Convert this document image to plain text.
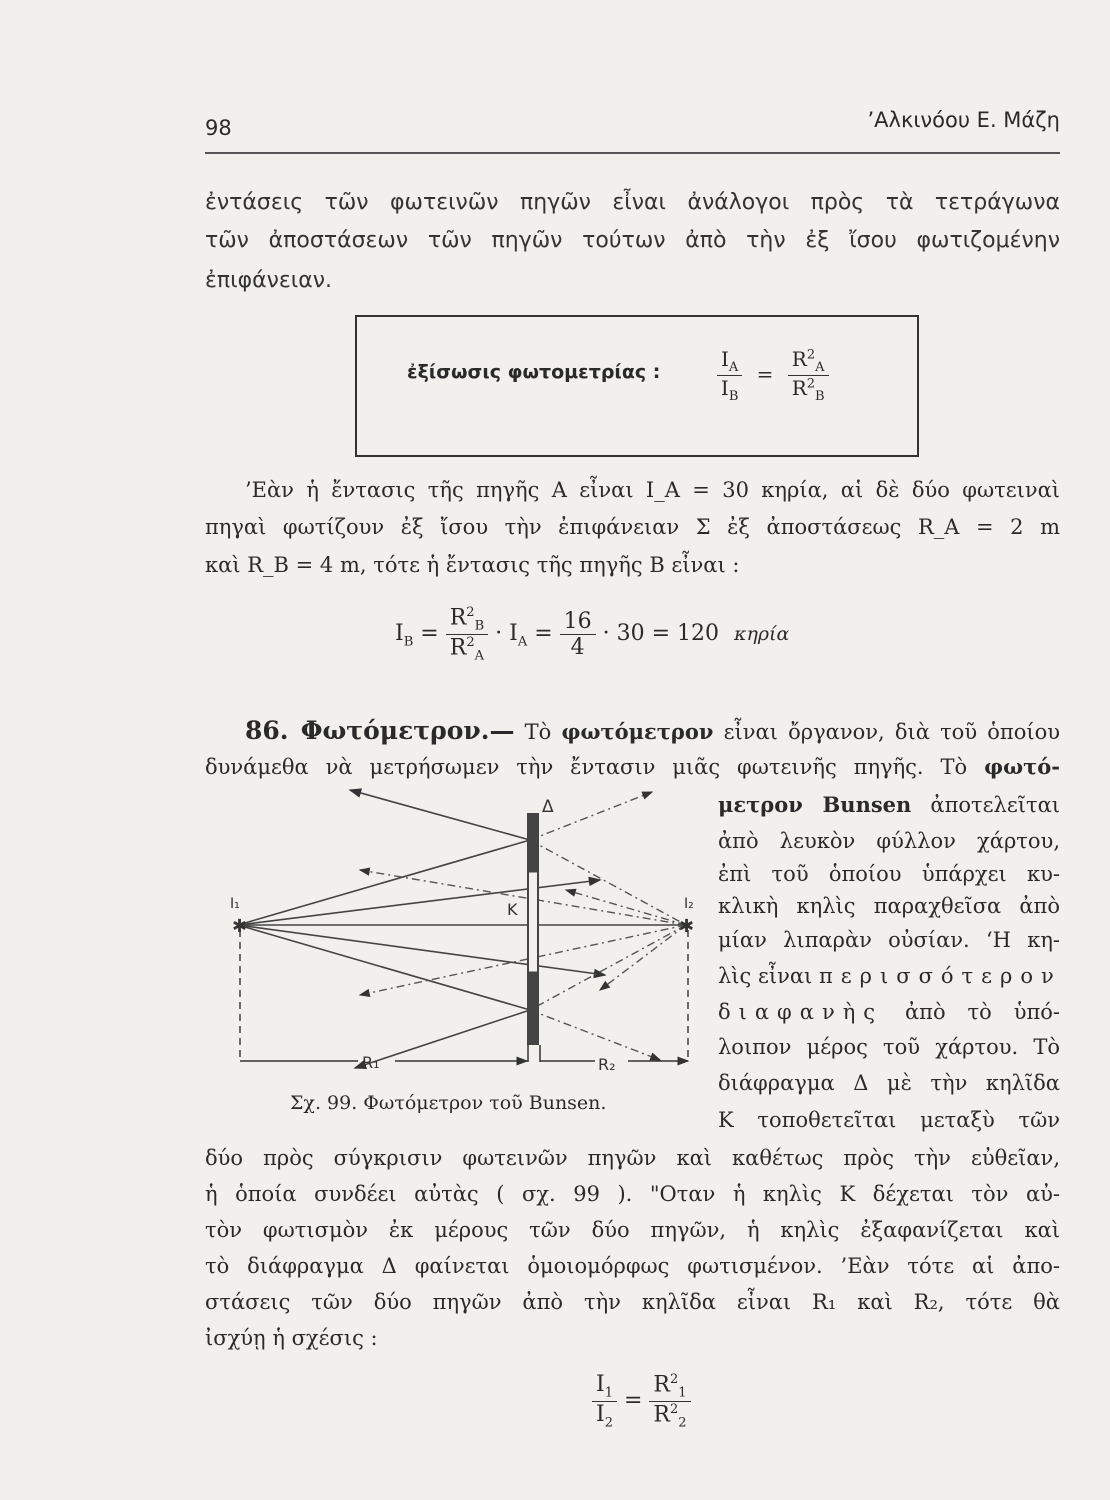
98	’Αλκινόου Ε. Μάζη
ἐντάσεις τῶν φωτεινῶν πηγῶν εἶναι ἀνάλογοι πρὸς τὰ τετράγωνα
τῶν ἀποστάσεων τῶν πηγῶν τούτων ἀπὸ τὴν ἐξ ἴσου φωτιζομένην
ἐπιφάνειαν.
ἐξίσωσις φωτομετρίας :	$\frac{I_A}{I_B} = \frac{R^2_A}{R^2_B}$
’Εὰν ἡ ἔντασις τῆς πηγῆς Α εἶναι I_A = 30 κηρία, αἱ δὲ δύο φωτειναὶ
πηγαὶ φωτίζουν ἐξ ἴσου τὴν ἐπιφάνειαν Σ ἐξ ἀποστάσεως R_A = 2 m
καὶ R_B = 4 m, τότε ἡ ἔντασις τῆς πηγῆς Β εἶναι :
$I_B = \frac{R^2_B}{R^2_A} \cdot I_A = \frac{16}{4} \cdot 30 = 120$ κηρία
86. Φωτόμετρον.— Τὸ φωτόμετρον εἶναι ὄργανον, διὰ τοῦ ὁποίου
δυνάμεθα νὰ μετρήσωμεν τὴν ἔντασιν μιᾶς φωτεινῆς πηγῆς. Τὸ φωτό-
μετρον Bunsen ἀποτελεῖται
ἀπὸ λευκὸν φύλλον χάρτου,
ἐπὶ τοῦ ὁποίου ὑπάρχει κυ-
κλικὴ κηλὶς παραχθεῖσα ἀπὸ
μίαν λιπαρὰν οὐσίαν. ‘Η κη-
λὶς εἶναι περισσότερον
διαφανὴς ἀπὸ τὸ ὑπό-
λοιπον μέρος τοῦ χάρτου. Τὸ
διάφραγμα Δ μὲ τὴν κηλῖδα
Κ τοποθετεῖται μεταξὺ τῶν
Δ
K
I₁	I₂
R₁	R₂
✱	✱
Σχ. 99. Φωτόμετρον τοῦ Bunsen.
δύο πρὸς σύγκρισιν φωτεινῶν πηγῶν καὶ καθέτως πρὸς τὴν εὐθεῖαν,
ἡ ὁποία συνδέει αὐτὰς ( σχ. 99 ). "Οταν ἡ κηλὶς Κ δέχεται τὸν αὐ-
τὸν φωτισμὸν ἐκ μέρους τῶν δύο πηγῶν, ἡ κηλὶς ἐξαφανίζεται καὶ
τὸ διάφραγμα Δ φαίνεται ὁμοιομόρφως φωτισμένον. ’Εὰν τότε αἱ ἀπο-
στάσεις τῶν δύο πηγῶν ἀπὸ τὴν κηλῖδα εἶναι R₁ καὶ R₂, τότε θὰ
ἰσχύῃ ἡ σχέσις :
$\frac{I_1}{I_2} = \frac{R^2_1}{R^2_2}$
